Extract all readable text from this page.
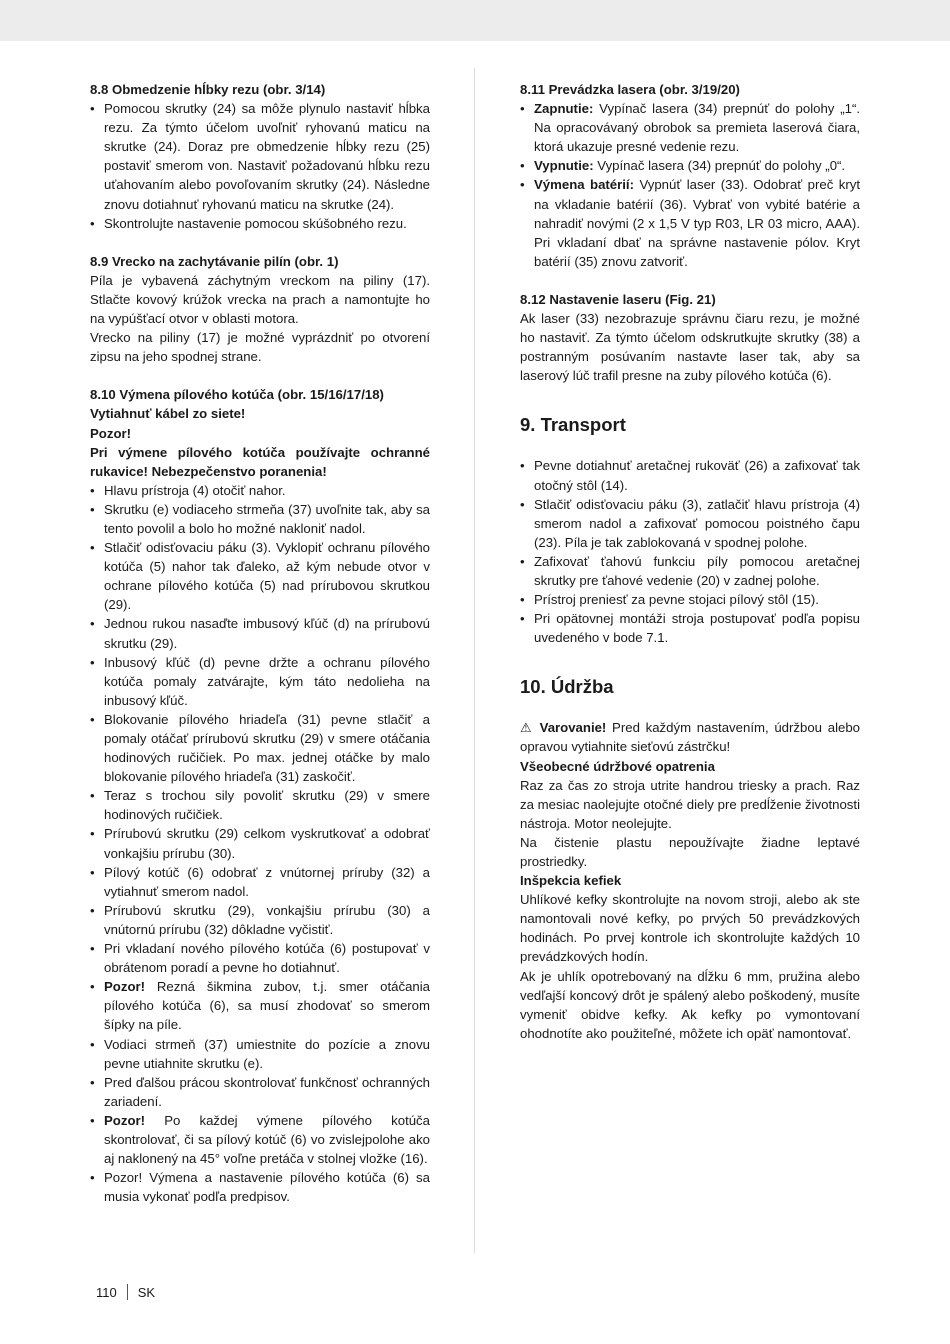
8.8 Obmedzenie hĺbky rezu (obr. 3/14)

• Pomocou skrutky (24) sa môže plynulo nastaviť hĺbka rezu. Za týmto účelom uvoľniť ryhovanú maticu na skrutke (24). Doraz pre obmedzenie hĺbky rezu (25) postaviť smerom von. Nastaviť požadovanú hĺbku rezu uťahovaním alebo povoľovaním skrutky (24). Následne znovu dotiahnuť ryhovanú maticu na skrutke (24).
• Skontrolujte nastavenie pomocou skúšobného rezu.

8.9 Vrecko na zachytávanie pilín (obr. 1)

Píla je vybavená záchytným vreckom na piliny (17). Stlačte kovový krúžok vrecka na prach a namontujte ho na vypúšťací otvor v oblasti motora.

Vrecko na piliny (17) je možné vyprázdniť po otvorení zipsu na jeho spodnej strane.

8.10 Výmena pílového kotúča (obr. 15/16/17/18)

Vytiahnuť kábel zo siete!

Pozor!

Pri výmene pílového kotúča používajte ochranné rukavice! Nebezpečenstvo poranenia!

• Hlavu prístroja (4) otočiť nahor.
• Skrutku (e) vodiaceho strmeňa (37) uvoľnite tak, aby sa tento povolil a bolo ho možné nakloniť nadol.
• Stlačiť odisťovaciu páku (3). Vyklopiť ochranu pílového kotúča (5) nahor tak ďaleko, až kým nebude otvor v ochrane pílového kotúča (5) nad prírubovou skrutkou (29).
• Jednou rukou nasaďte imbusový kľúč (d) na prírubovú skrutku (29).
• Inbusový kľúč (d) pevne držte a ochranu pílového kotúča pomaly zatvárajte, kým táto nedolieha na inbusový kľúč.
• Blokovanie pílového hriadeľa (31) pevne stlačiť a pomaly otáčať prírubovú skrutku (29) v smere otáčania hodinových ručičiek. Po max. jednej otáčke by malo blokovanie pílového hriadeľa (31) zaskočiť.
• Teraz s trochou sily povoliť skrutku (29) v smere hodinových ručičiek.
• Prírubovú skrutku (29) celkom vyskrutkovať a odobrať vonkajšiu prírubu (30).
• Pílový kotúč (6) odobrať z vnútornej príruby (32) a vytiahnuť smerom nadol.
• Prírubovú skrutku (29), vonkajšiu prírubu (30) a vnútornú prírubu (32) dôkladne vyčistiť.
• Pri vkladaní nového pílového kotúča (6) postupovať v obrátenom poradí a pevne ho dotiahnuť.
• Pozor! Rezná šikmina zubov, t.j. smer otáčania pílového kotúča (6), sa musí zhodovať so smerom šípky na píle.
• Vodiaci strmeň (37) umiestnite do pozície a znovu pevne utiahnite skrutku (e).
• Pred ďalšou prácou skontrolovať funkčnosť ochranných zariadení.
• Pozor! Po každej výmene pílového kotúča skontrolovať, či sa pílový kotúč (6) vo zvislejpolohe ako aj naklonený na 45° voľne pretáča v stolnej vložke (16).
• Pozor! Výmena a nastavenie pílového kotúča (6) sa musia vykonať podľa predpisov.

8.11 Prevádzka lasera (obr. 3/19/20)

• Zapnutie: Vypínač lasera (34) prepnúť do polohy „1“. Na opracovávaný obrobok sa premieta laserová čiara, ktorá ukazuje presné vedenie rezu.
• Vypnutie: Vypínač lasera (34) prepnúť do polohy „0“.
• Výmena batérií: Vypnúť laser (33). Odobrať preč kryt na vkladanie batérií (36). Vybrať von vybité batérie a nahradiť novými (2 x 1,5 V typ R03, LR 03 micro, AAA). Pri vkladaní dbať na správne nastavenie pólov. Kryt batérií (35) znovu zatvoriť.

8.12 Nastavenie laseru (Fig. 21)

Ak laser (33) nezobrazuje správnu čiaru rezu, je možné ho nastaviť. Za týmto účelom odskrutkujte skrutky (38) a postranným posúvaním nastavte laser tak, aby sa laserový lúč trafil presne na zuby pílového kotúča (6).

9. Transport
• Pevne dotiahnuť aretačnej rukoväť (26) a zafixovať tak otočný stôl (14).
• Stlačiť odisťovaciu páku (3), zatlačiť hlavu prístroja (4) smerom nadol a zafixovať pomocou poistného čapu (23). Píla je tak zablokovaná v spodnej polohe.
• Zafixovať ťahovú funkciu píly pomocou aretačnej skrutky pre ťahové vedenie (20) v zadnej polohe.
• Prístroj preniesť za pevne stojaci pílový stôl (15).
• Pri opätovnej montáži stroja postupovať podľa popisu uvedeného v bode 7.1.
10. Údržba

⚠ Varovanie! Pred každým nastavením, údržbou alebo opravou vytiahnite sieťovú zástrčku!

Všeobecné údržbové opatrenia

Raz za čas zo stroja utrite handrou triesky a prach. Raz za mesiac naolejujte otočné diely pre predĺženie životnosti nástroja. Motor neolejujte.

Na čistenie plastu nepoužívajte žiadne leptavé prostriedky.

Inšpekcia kefiek

Uhlíkové kefky skontrolujte na novom stroji, alebo ak ste namontovali nové kefky, po prvých 50 prevádzkových hodinách. Po prvej kontrole ich skontrolujte každých 10 prevádzkových hodín.

Ak je uhlík opotrebovaný na dĺžku 6 mm, pružina alebo vedľajší koncový drôt je spálený alebo poškodený, musíte vymeniť obidve kefky. Ak kefky po vymontovaní ohodnotíte ako použiteľné, môžete ich opäť namontovať.

110 SK
